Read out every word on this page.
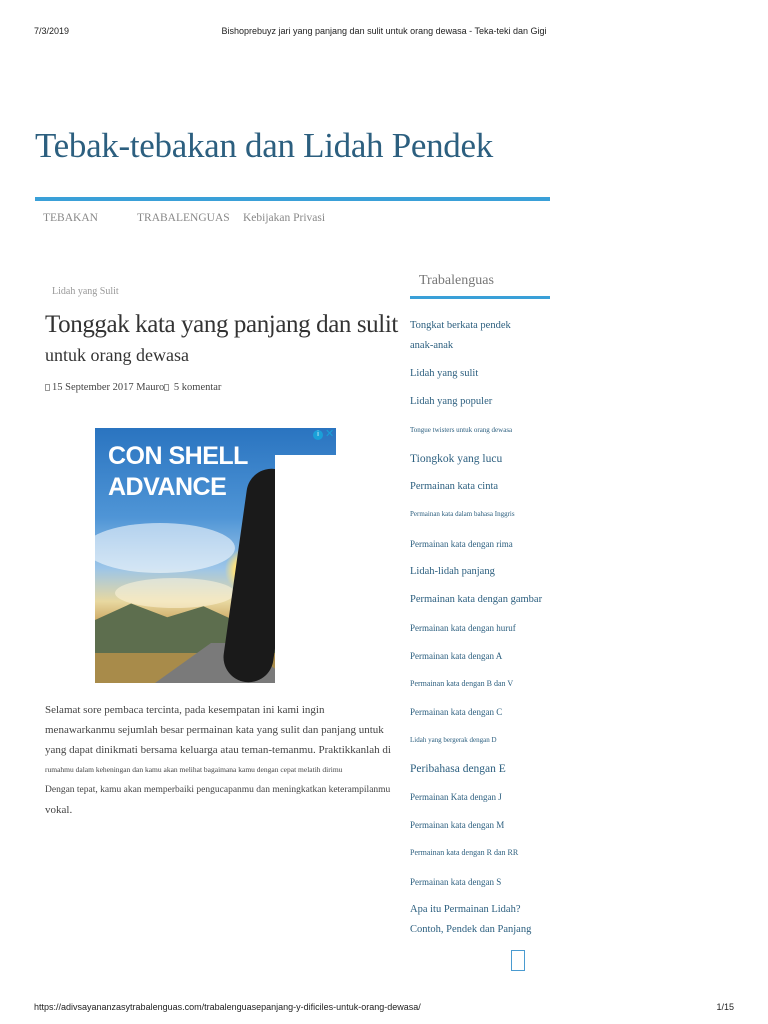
7/3/2019	Bishoprebuyz jari yang panjang dan sulit untuk orang dewasa - Teka-teki dan Gigi
Tebak-tebakan dan Lidah Pendek
TEBAKAN	TRABALENGUAS Kebijakan Privasi
Lidah yang Sulit
Tonggak kata yang panjang dan sulit
untuk orang dewasa
15 September 2017 Mauro 5 komentar
CON SHELL
ADVANCE
i ✕
Selamat sore pembaca tercinta, pada kesempatan ini kami ingin
menawarkanmu sejumlah besar permainan kata yang sulit dan panjang untuk
yang dapat dinikmati bersama keluarga atau teman-temanmu. Praktikkanlah di
rumahmu dalam keheningan dan kamu akan melihat bagaimana kamu dengan cepat melatih dirimu
Dengan tepat, kamu akan memperbaiki pengucapanmu dan meningkatkan keterampilanmu
vokal.
Trabalenguas
Tongkat berkata pendek
anak-anak
Lidah yang sulit
Lidah yang populer
Tongue twisters untuk orang dewasa
Tiongkok yang lucu
Permainan kata cinta
Permainan kata dalam bahasa Inggris
Permainan kata dengan rima
Lidah-lidah panjang
Permainan kata dengan gambar
Permainan kata dengan huruf
Permainan kata dengan A
Permainan kata dengan B dan V
Permainan kata dengan C
Lidah yang bergerak dengan D
Peribahasa dengan E
Permainan Kata dengan J
Permainan kata dengan M
Permainan kata dengan R dan RR
Permainan kata dengan S
Apa itu Permainan Lidah?
Contoh, Pendek dan Panjang
https://adivsayananzasytrabalenguas.com/trabalenguasepanjang-y-dificiles-untuk-orang-dewasa/	1/15
